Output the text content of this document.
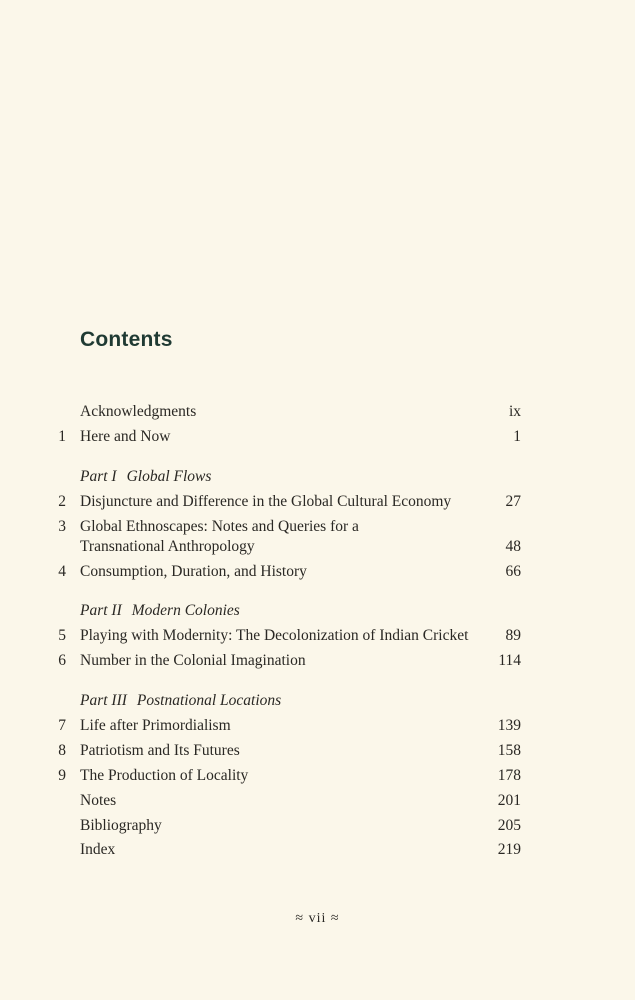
Contents
Acknowledgments	ix
1 Here and Now	1
Part I Global Flows
2 Disjuncture and Difference in the Global Cultural Economy	27
3 Global Ethnoscapes: Notes and Queries for a
Transnational Anthropology	48
4 Consumption, Duration, and History	66
Part II Modern Colonies
5 Playing with Modernity: The Decolonization of Indian Cricket 89
6 Number in the Colonial Imagination	114
Part III Postnational Locations
7 Life after Primordialism	139
8 Patriotism and Its Futures	158
9 The Production of Locality	178
Notes	201
Bibliography	205
Index	219
≈ vii ≈
